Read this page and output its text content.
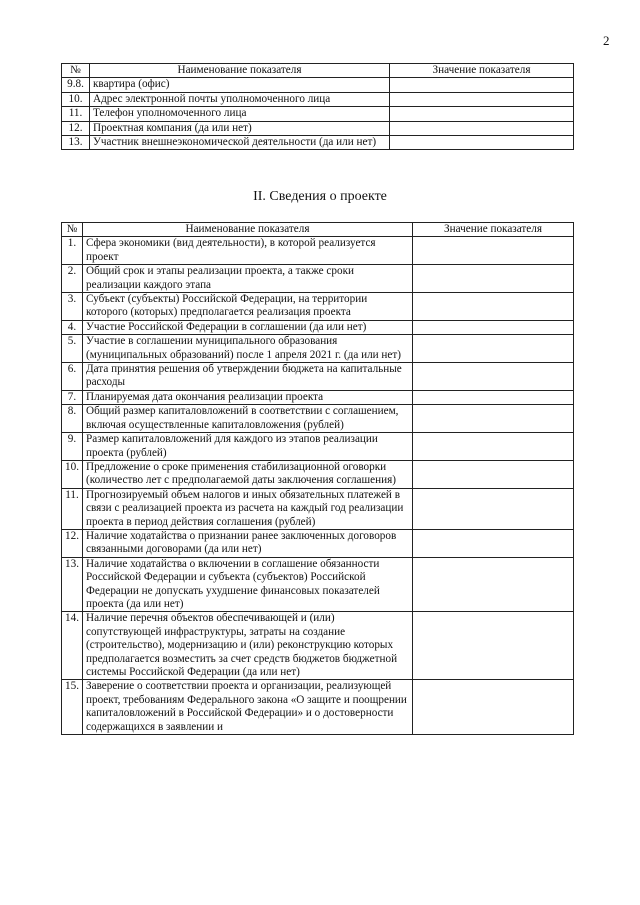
2
№	Наименование показателя	Значение показателя
9.8.	квартира (офис)	
10.	Адрес электронной почты уполномоченного лица	
11.	Телефон уполномоченного лица	
12.	Проектная компания (да или нет)	
13.	Участник внешнеэкономической деятельности (да или нет)	
II. Сведения о проекте
№	Наименование показателя	Значение показателя
1.	Сфера экономики (вид деятельности), в которой реализуется проект	
2.	Общий срок и этапы реализации проекта, а также сроки реализации каждого этапа	
3.	Субъект (субъекты) Российской Федерации, на территории которого (которых) предполагается реализация проекта	
4.	Участие Российской Федерации в соглашении (да или нет)	
5.	Участие в соглашении муниципального образования (муниципальных образований) после 1 апреля 2021 г. (да или нет)	
6.	Дата принятия решения об утверждении бюджета на капитальные расходы	
7.	Планируемая дата окончания реализации проекта	
8.	Общий размер капиталовложений в соответствии с соглашением, включая осуществленные капиталовложения (рублей)	
9.	Размер капиталовложений для каждого из этапов реализации проекта (рублей)	
10.	Предложение о сроке применения стабилизационной оговорки (количество лет с предполагаемой даты заключения соглашения)	
11.	Прогнозируемый объем налогов и иных обязательных платежей в связи с реализацией проекта из расчета на каждый год реализации проекта в период действия соглашения (рублей)	
12.	Наличие ходатайства о признании ранее заключенных договоров связанными договорами (да или нет)	
13.	Наличие ходатайства о включении в соглашение обязанности Российской Федерации и субъекта (субъектов) Российской Федерации не допускать ухудшение финансовых показателей проекта (да или нет)	
14.	Наличие перечня объектов обеспечивающей и (или) сопутствующей инфраструктуры, затраты на создание (строительство), модернизацию и (или) реконструкцию которых предполагается возместить за счет средств бюджетов бюджетной системы Российской Федерации (да или нет)	
15.	Заверение о соответствии проекта и организации, реализующей проект, требованиям Федерального закона «О защите и поощрении капиталовложений в Российской Федерации» и о достоверности содержащихся в заявлении и	
